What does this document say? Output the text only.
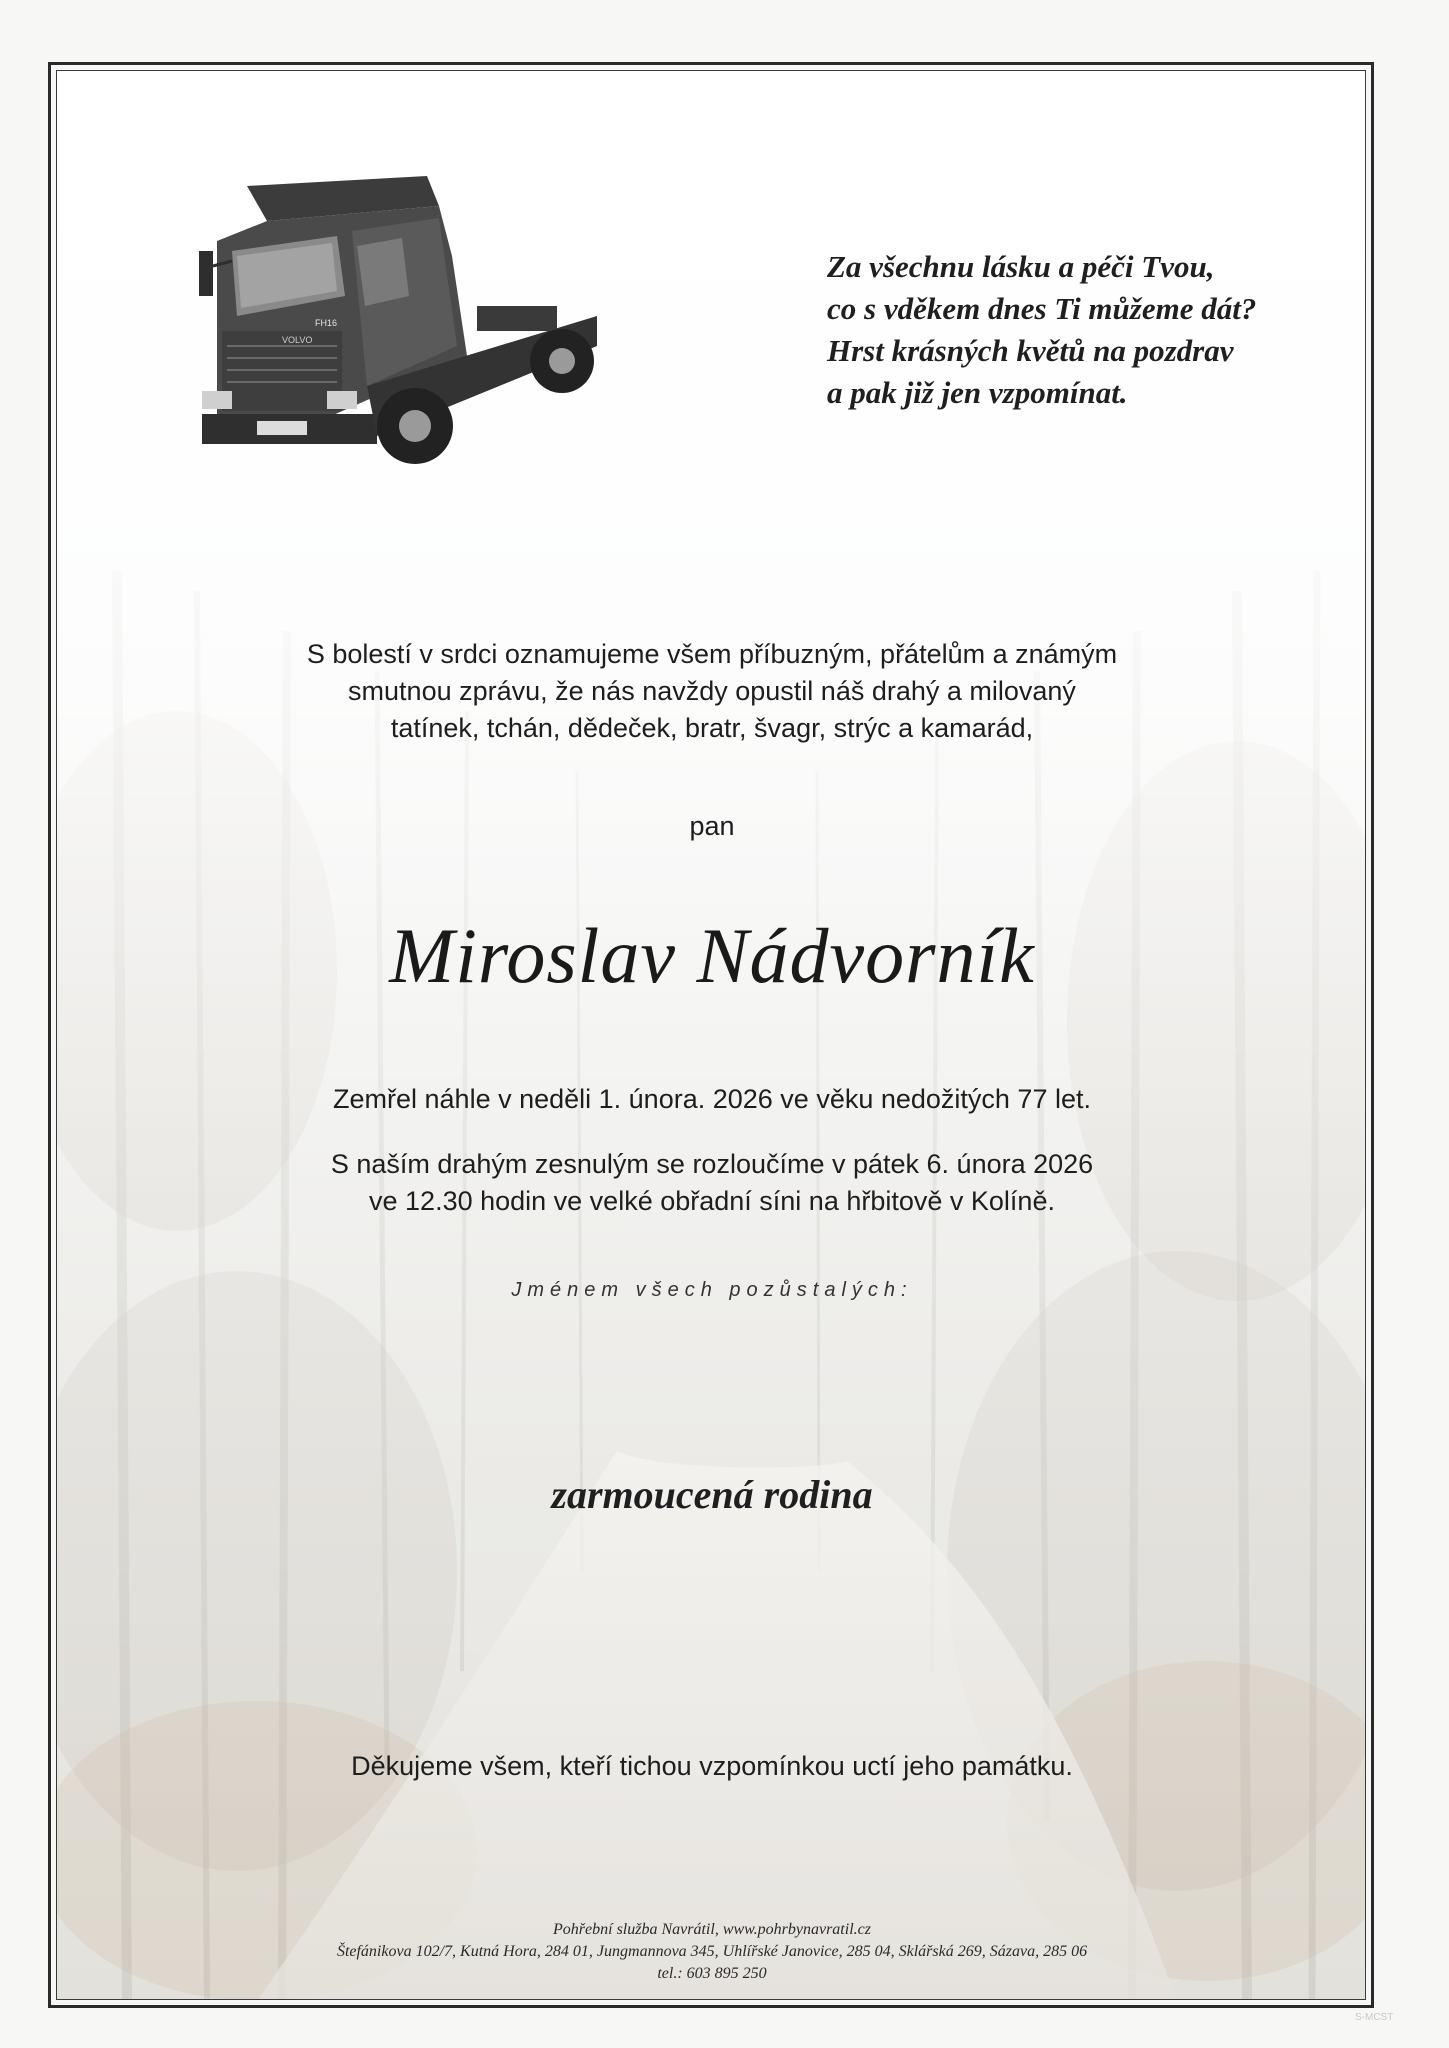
VOLVO
FH16
Za všechnu lásku a péči Tvou,
co s vděkem dnes Ti můžeme dát?
Hrst krásných květů na pozdrav
a pak již jen vzpomínat.
S bolestí v srdci oznamujeme všem příbuzným, přátelům a známým
smutnou zprávu, že nás navždy opustil náš drahý a milovaný
tatínek, tchán, dědeček, bratr, švagr, strýc a kamarád,
pan
Miroslav Nádvorník
Zemřel náhle v neděli 1. února. 2026 ve věku nedožitých 77 let.
S naším drahým zesnulým se rozloučíme v pátek 6. února 2026
ve 12.30 hodin ve velké obřadní síni na hřbitově v Kolíně.
Jménem všech pozůstalých:
zarmoucená rodina
Děkujeme všem, kteří tichou vzpomínkou uctí jeho památku.
Pohřební služba Navrátil, www.pohrbynavratil.cz
Štefánikova 102/7, Kutná Hora, 284 01, Jungmannova 345, Uhlířské Janovice, 285 04, Sklářská 269, Sázava, 285 06
tel.: 603 895 250
S-MCST
